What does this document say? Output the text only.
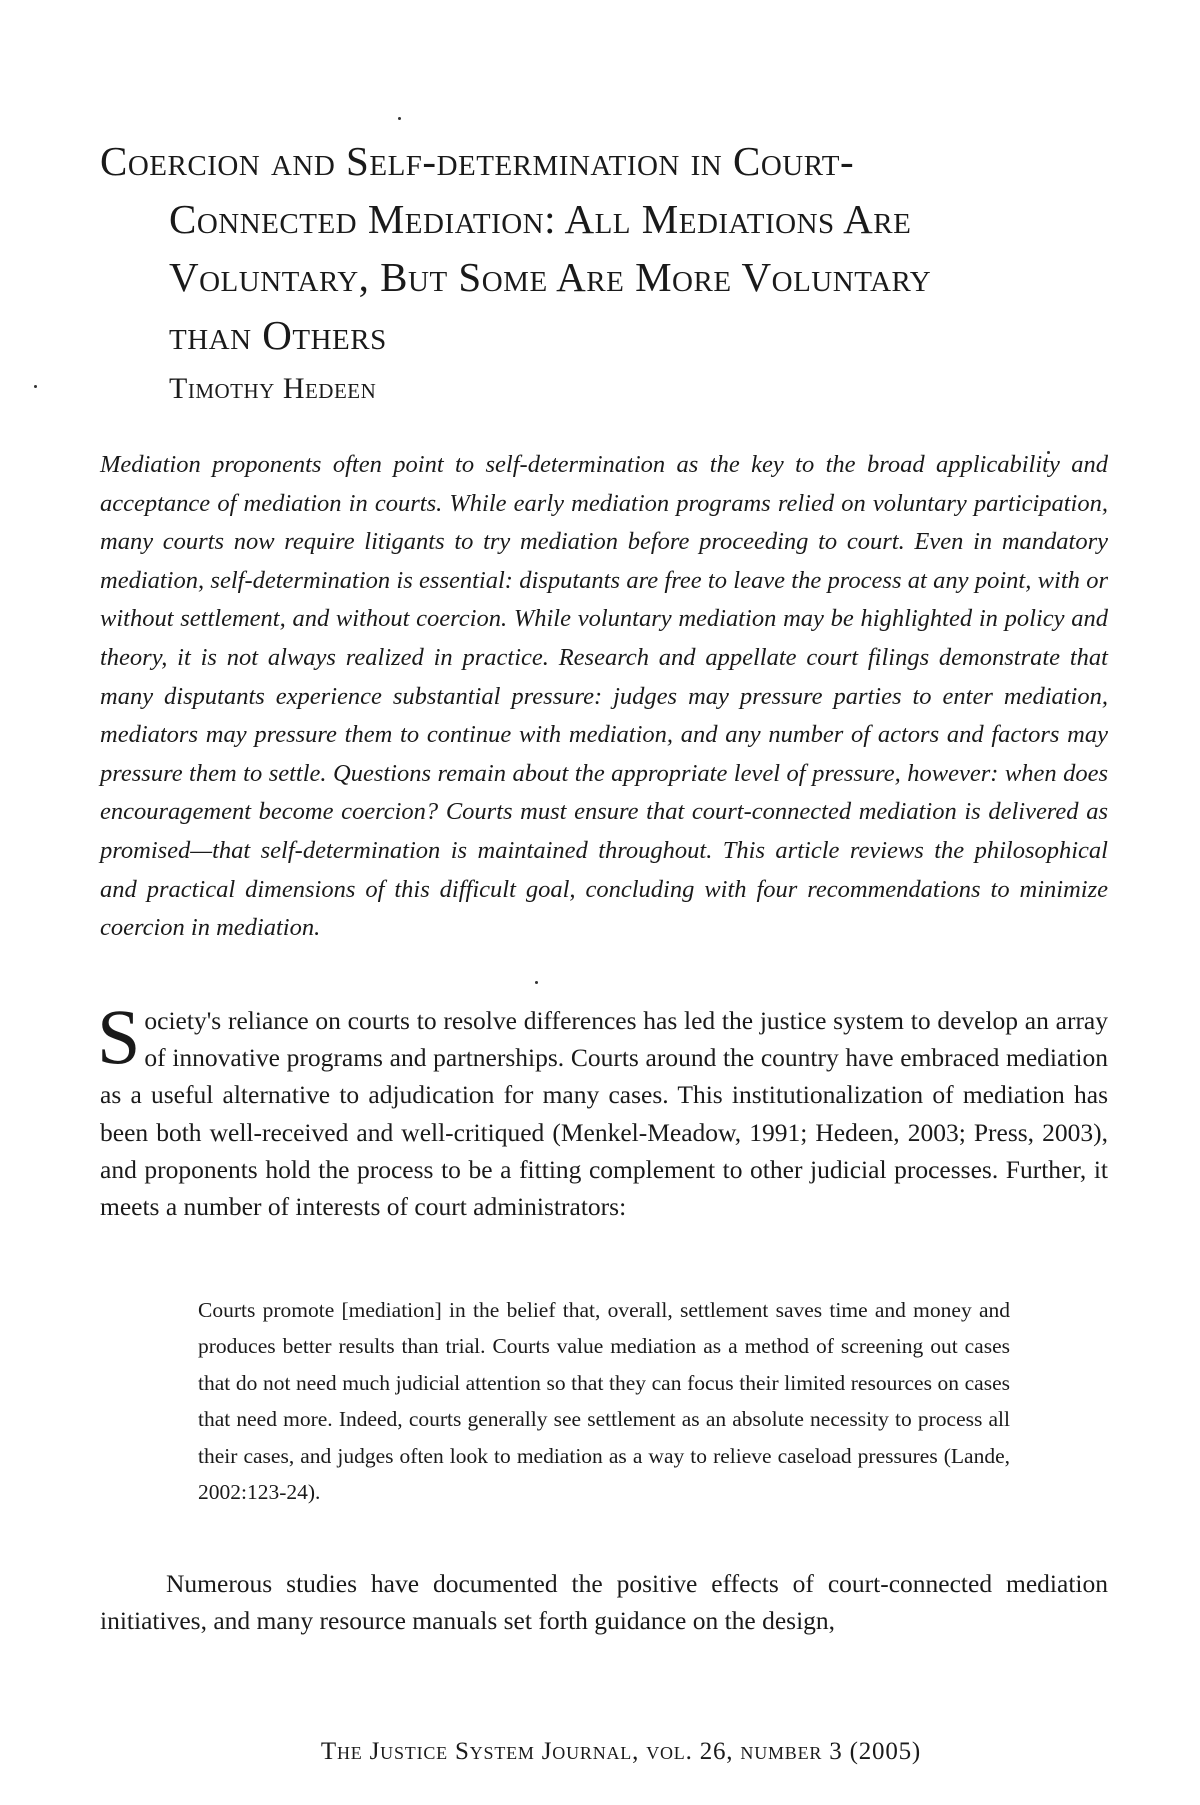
Coercion and Self-determination in Court-
Connected Mediation: All Mediations Are
Voluntary, But Some Are More Voluntary
than Others
Timothy Hedeen

Mediation proponents often point to self-determination as the key to the broad applicability and acceptance of mediation in courts. While early mediation programs relied on voluntary participation, many courts now require litigants to try mediation before proceeding to court. Even in mandatory mediation, self-determination is essential: disputants are free to leave the process at any point, with or without settlement, and without coercion. While voluntary mediation may be highlighted in policy and theory, it is not always realized in practice. Research and appellate court filings demonstrate that many disputants experience substantial pressure: judges may pressure parties to enter mediation, mediators may pressure them to continue with mediation, and any number of actors and factors may pressure them to settle. Questions remain about the appropriate level of pressure, however: when does encouragement become coercion? Courts must ensure that court-connected mediation is delivered as promised—that self-determination is maintained throughout. This article reviews the philosophical and practical dimensions of this difficult goal, concluding with four recommendations to minimize coercion in mediation.

Society's reliance on courts to resolve differences has led the justice system to develop an array of innovative programs and partnerships. Courts around the country have embraced mediation as a useful alternative to adjudication for many cases. This institutionalization of mediation has been both well-received and well-critiqued (Menkel-Meadow, 1991; Hedeen, 2003; Press, 2003), and proponents hold the process to be a fitting complement to other judicial processes. Further, it meets a number of interests of court administrators:

Courts promote [mediation] in the belief that, overall, settlement saves time and money and produces better results than trial. Courts value mediation as a method of screening out cases that do not need much judicial attention so that they can focus their limited resources on cases that need more. Indeed, courts generally see settlement as an absolute necessity to process all their cases, and judges often look to mediation as a way to relieve caseload pressures (Lande, 2002:123-24).

Numerous studies have documented the positive effects of court-connected mediation initiatives, and many resource manuals set forth guidance on the design,

The Justice System Journal, vol. 26, number 3 (2005)
